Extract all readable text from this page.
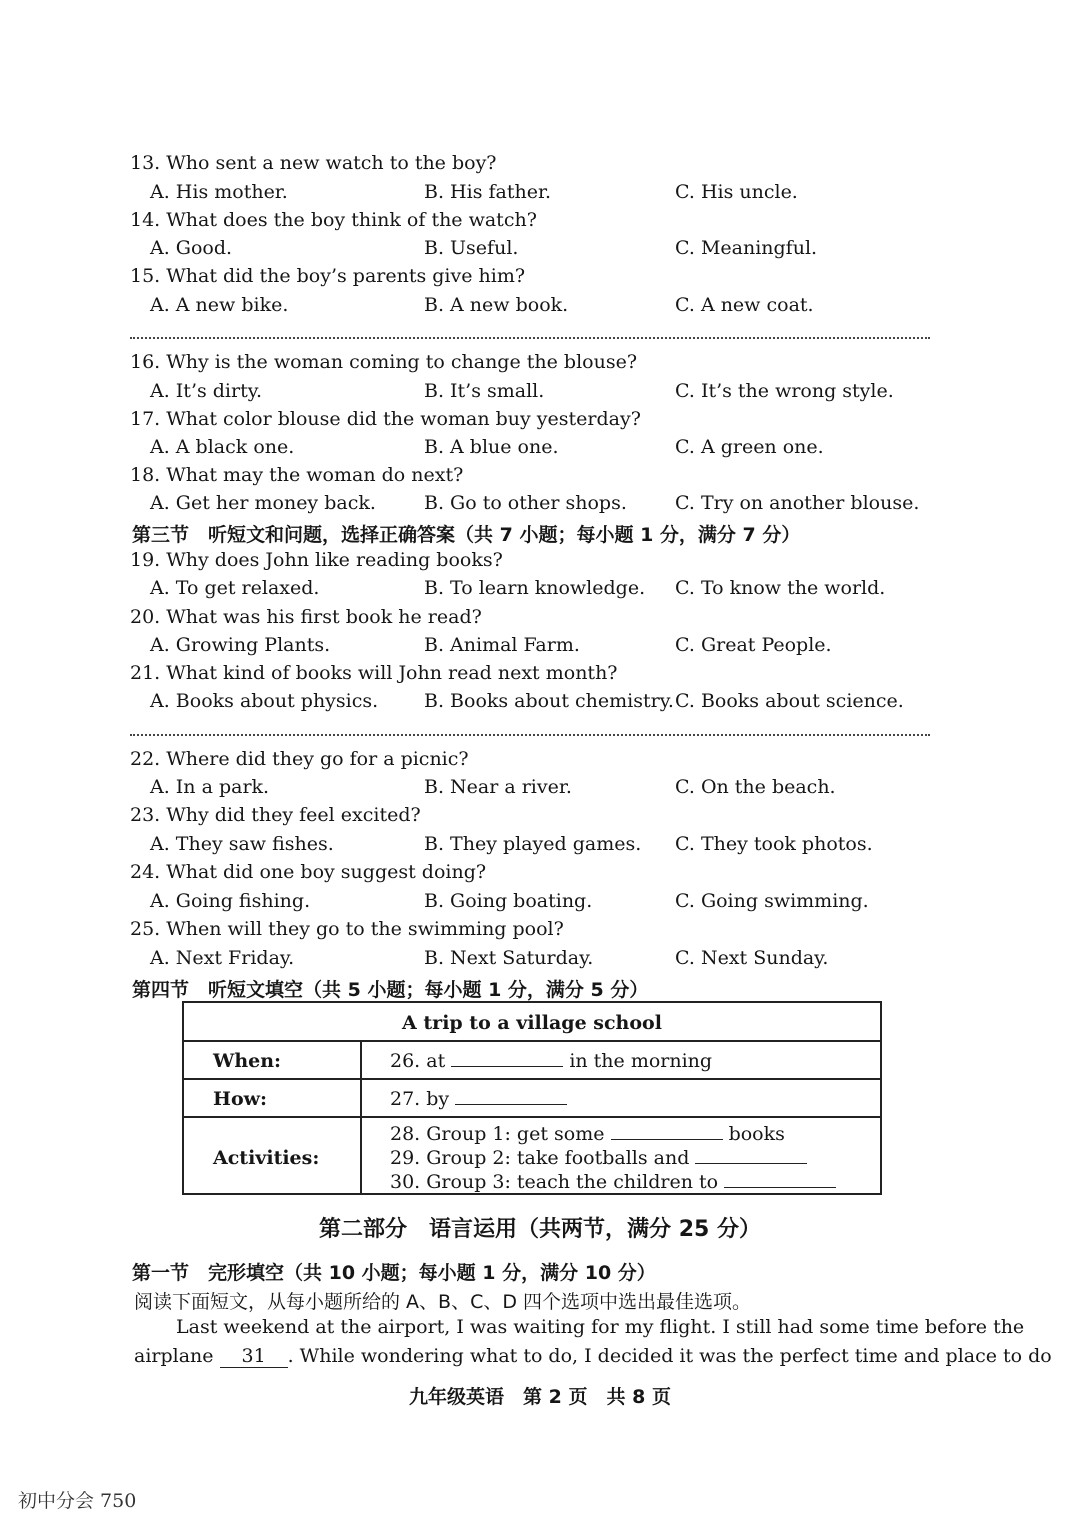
13. Who sent a new watch to the boy?
A. His mother.	B. His father.	C. His uncle.
14. What does the boy think of the watch?
A. Good.	B. Useful.	C. Meaningful.
15. What did the boy’s parents give him?
A. A new bike.	B. A new book.	C. A new coat.
16. Why is the woman coming to change the blouse?
A. It’s dirty.	B. It’s small.	C. It’s the wrong style.
17. What color blouse did the woman buy yesterday?
A. A black one.	B. A blue one.	C. A green one.
18. What may the woman do next?
A. Get her money back.	B. Go to other shops.	C. Try on another blouse.
第三节　听短文和问题，选择正确答案（共 7 小题；每小题 1 分，满分 7 分）
19. Why does John like reading books?
A. To get relaxed.	B. To learn knowledge. C. To know the world.
20. What was his first book he read?
A. Growing Plants.	B. Animal Farm.	C. Great People.
21. What kind of books will John read next month?
A. Books about physics. B. Books about chemistry. C. Books about science.
22. Where did they go for a picnic?
A. In a park.	B. Near a river.	C. On the beach.
23. Why did they feel excited?
A. They saw fishes.	B. They played games. C. They took photos.
24. What did one boy suggest doing?
A. Going fishing.	B. Going boating.	C. Going swimming.
25. When will they go to the swimming pool?
A. Next Friday.	B. Next Saturday.	C. Next Sunday.
第四节　听短文填空（共 5 小题；每小题 1 分，满分 5 分）
A trip to a village school
When:	26. at	in the morning
How:	27. by
Activities:
28. Group 1: get some	books
29. Group 2: take footballs and
30. Group 3: teach the children to
第二部分　语言运用（共两节，满分 25 分）
第一节　完形填空（共 10 小题；每小题 1 分，满分 10 分）
阅读下面短文，从每小题所给的 A、B、C、D 四个选项中选出最佳选项。
Last weekend at the airport, I was waiting for my flight. I still had some time before the
airplane 31 . While wondering what to do, I decided it was the perfect time and place to do
九年级英语　第 2 页　共 8 页
初中分会 750
